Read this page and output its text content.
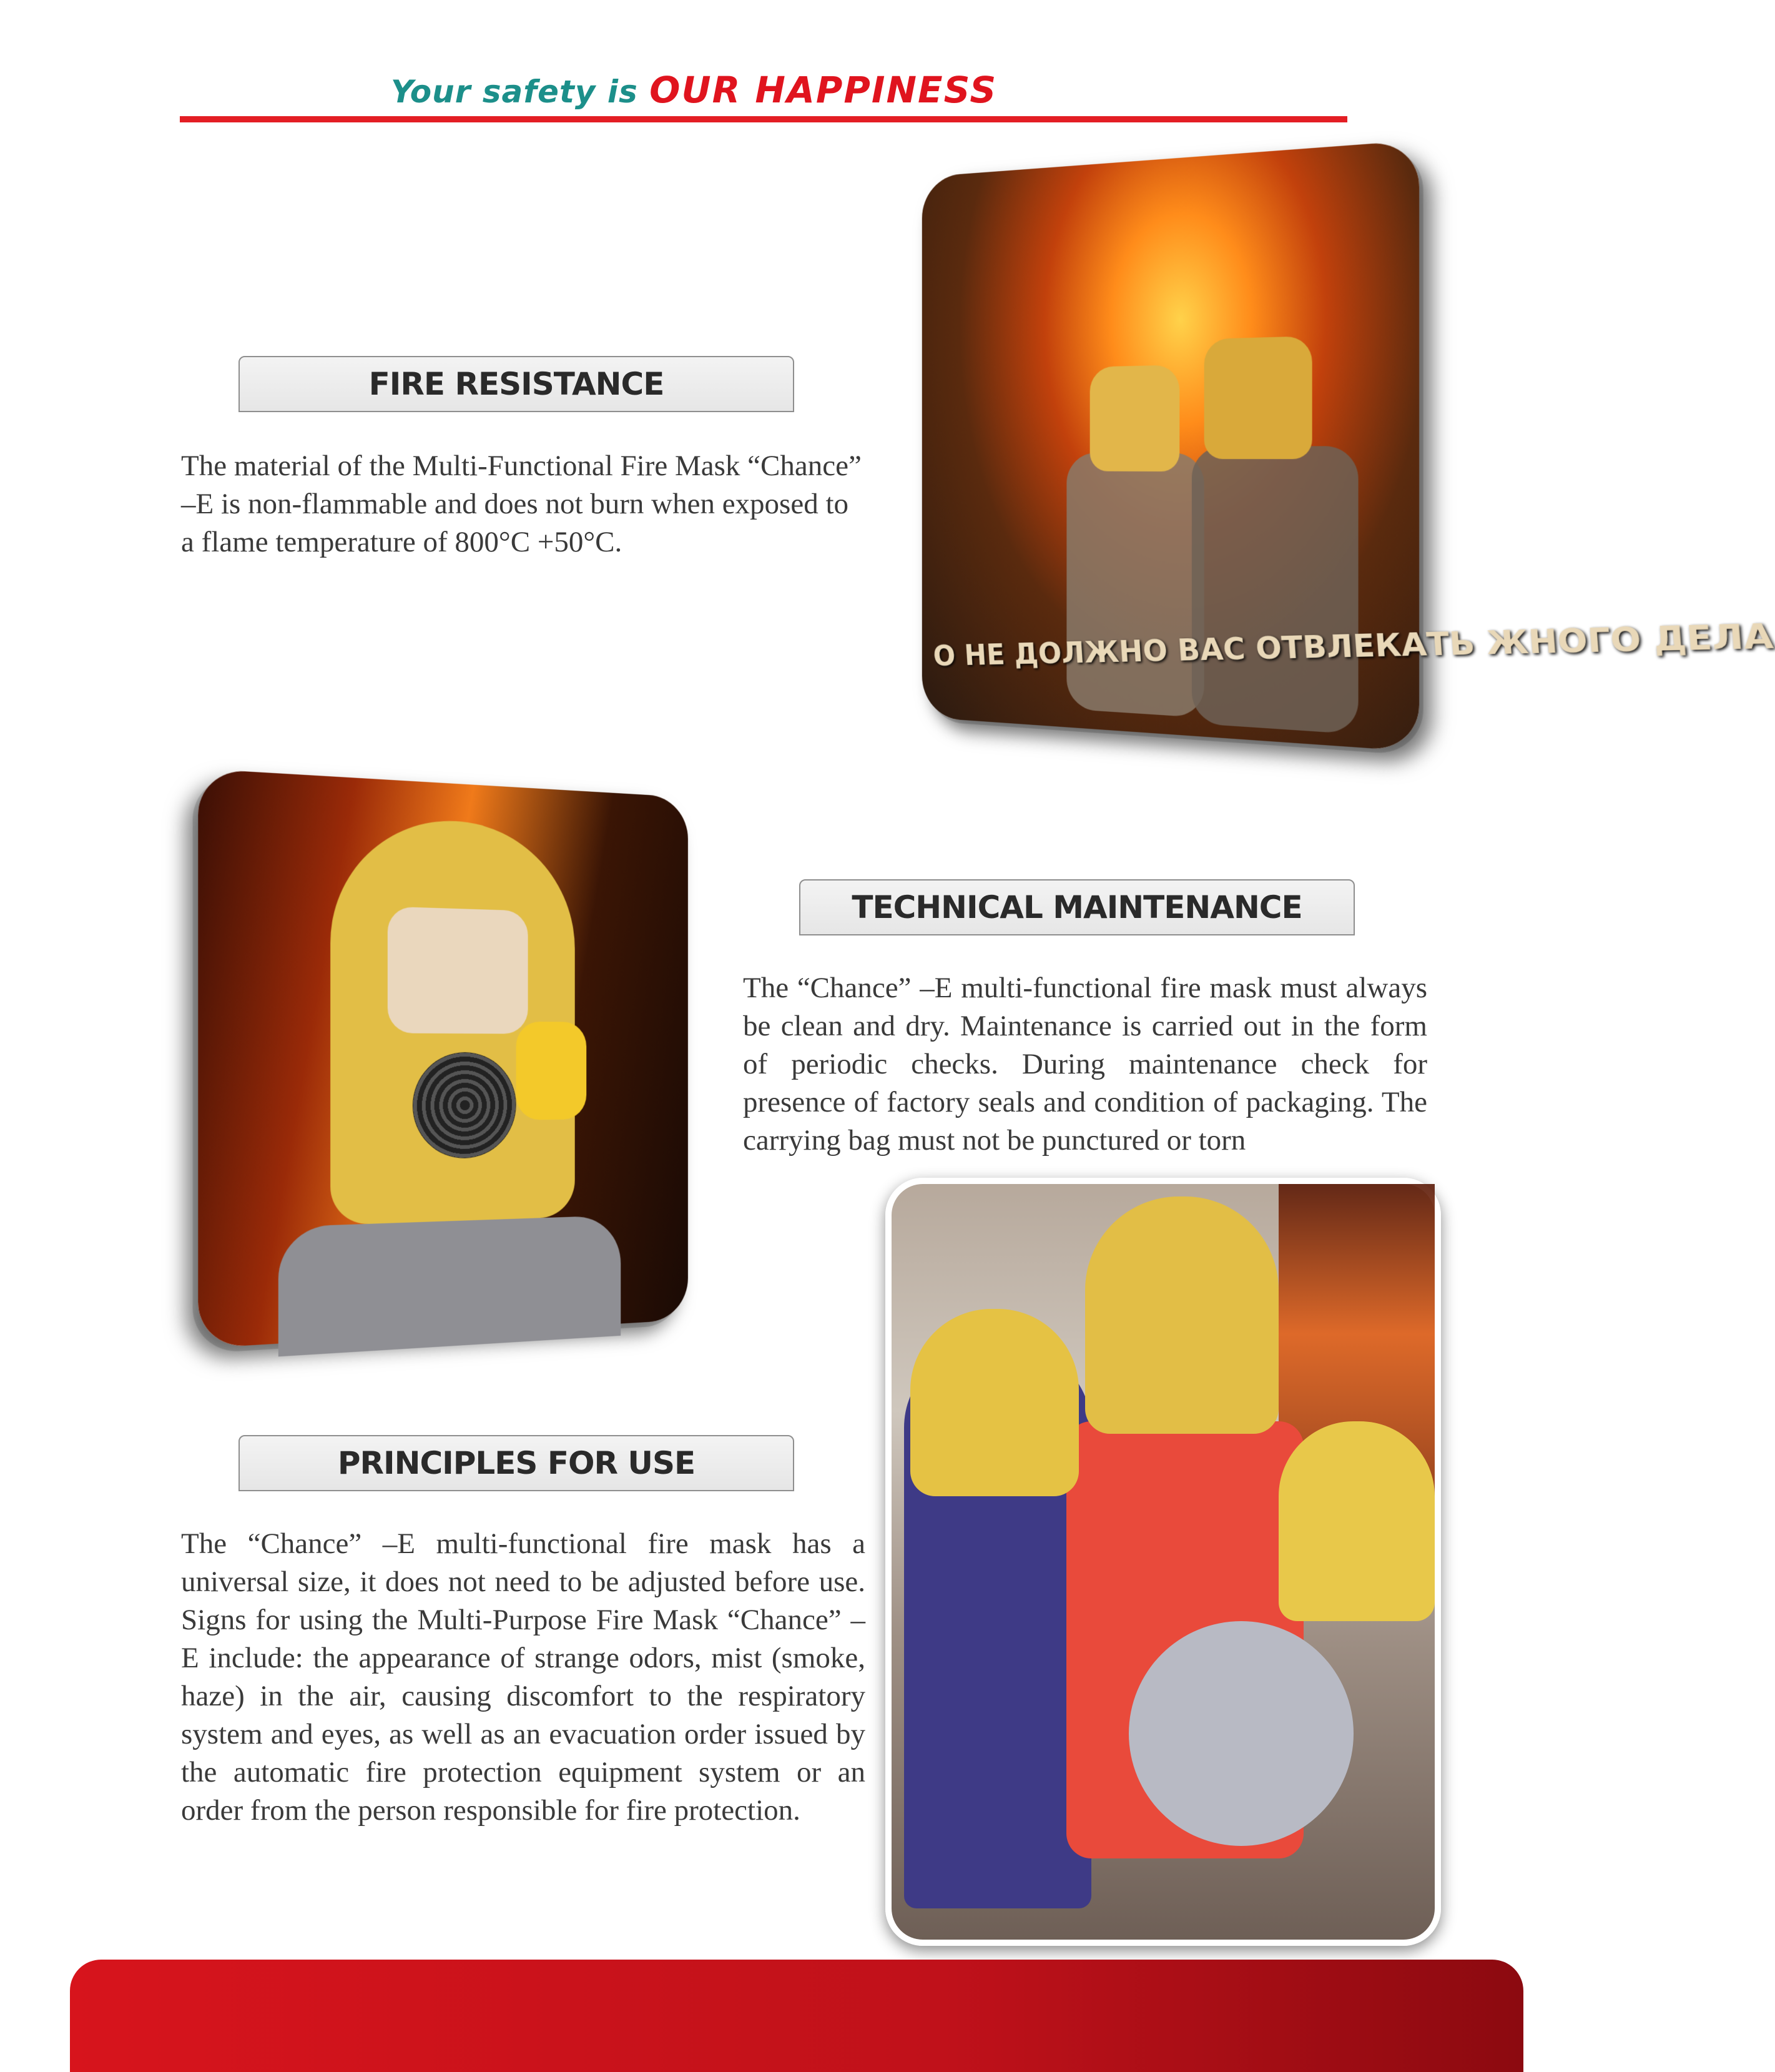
Your safety is OUR HAPPINESS
О НЕ ДОЛЖНО ВАС ОТВЛЕКАТЬ ЖНОГО ДЕЛА
FIRE RESISTANCE
The material of the Multi-Functional Fire Mask “Chance” –E is non-flammable and does not burn when exposed to a flame temperature of 800°C +50°C.
TECHNICAL MAINTENANCE
The “Chance” –E multi-functional fire mask must always be clean and dry. Maintenance is carried out in the form of periodic checks. During maintenance check for presence of factory seals and condition of packaging. The carrying bag must not be punctured or torn
PRINCIPLES FOR USE
The “Chance” –E multi-functional fire mask has a universal size, it does not need to be adjusted before use. Signs for using the Multi-Purpose Fire Mask “Chance” –E include: the appearance of strange odors, mist (smoke, haze) in the air, causing discomfort to the respiratory system and eyes, as well as an evacuation order issued by the automatic fire protection equipment system or an order from the person responsible for fire protection.
